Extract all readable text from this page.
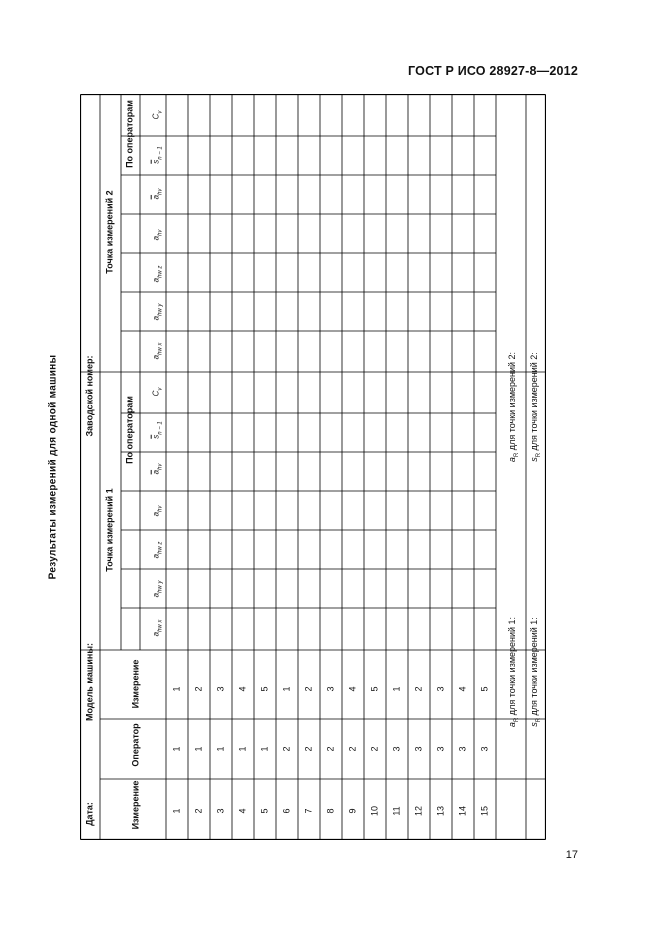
ГОСТ Р ИСО 28927-8—2012
Результаты измерений для одной машины
Дата:
Модель машины:
Заводской номер:
Измерение
Оператор
Измерение
Точка измерений 1
Точка измерений 2
По операторам
По операторам
$a_{hw x}$
$a_{hw y}$
$a_{hw z}$
$a_{hv}$
$\overline{a}_{hv}$
$\overline{s}_{n - 1}$
$C_v$
$a_{hw x}$
$a_{hw y}$
$a_{hw z}$
$a_{hv}$
$\overline{a}_{hv}$
$\overline{s}_{n - 1}$
$C_v$
1
1
1
2
1
2
3
1
3
4
1
4
5
1
5
6
2
1
7
2
2
8
2
3
9
2
4
10
2
5
11
3
1
12
3
2
13
3
3
14
3
4
15
3
5
$a_R$ для точки измерений 1:
$a_R$ для точки измерений 2:
$s_R$ для точки измерений 1:
$s_R$ для точки измерений 2:
17
